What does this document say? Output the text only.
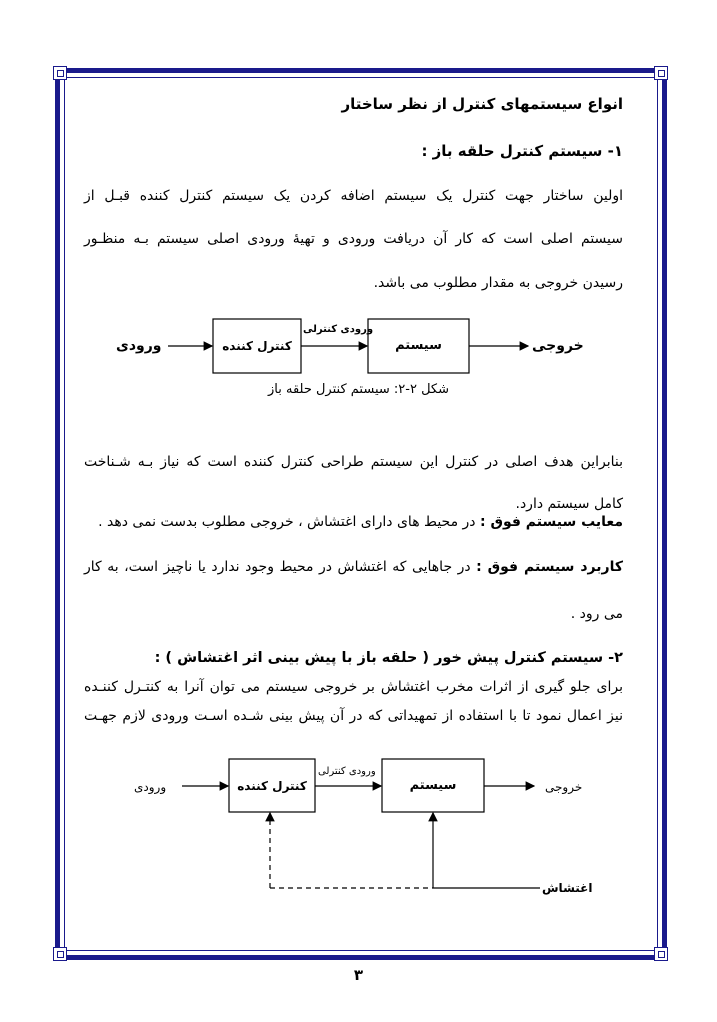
انواع سیستمهای کنترل از نظر ساختار
۱- سیستم کنترل حلقه باز :
اولین ساختار جهت کنترل یک سیستم اضافه کردن یک سیستم کنترل کننده قبـل از
سیستم اصلی است که کار آن دریافت ورودی و تهیهٔ ورودی اصلی سیستم بـه منظـور
رسیدن خروجی به مقدار مطلوب می باشد.
ورودی	کنترل کننده
ورودی کنترلی
سیستم	خروجی
شکل ۲-۲: سیستم کنترل حلقه باز
بنابراین هدف اصلی در کنترل این سیستم طراحی کنترل کننده است که نیاز بـه شـناخت
کامل سیستم دارد.
معایب سیستم فوق : در محیط های دارای اغتشاش ، خروجی مطلوب بدست نمی دهد .
کاربرد سیستم فوق : در جاهایی که اغتشاش در محیط وجود ندارد یا ناچیز است، به کار
می رود .
۲- سیستم کنترل پیش خور ( حلقه باز با پیش بینی اثر اغتشاش ) :
برای جلو گیری از اثرات مخرب اغتشاش بر خروجی سیستم می توان آنرا به کنتـرل کننـده
نیز اعمال نمود تا با استفاده از تمهیداتی که در آن پیش بینی شـده اسـت ورودی لازم جهـت
ورودی	کنترل کننده
ورودی کنترلی
سیستم	خروجی
اغتشاش
۳
